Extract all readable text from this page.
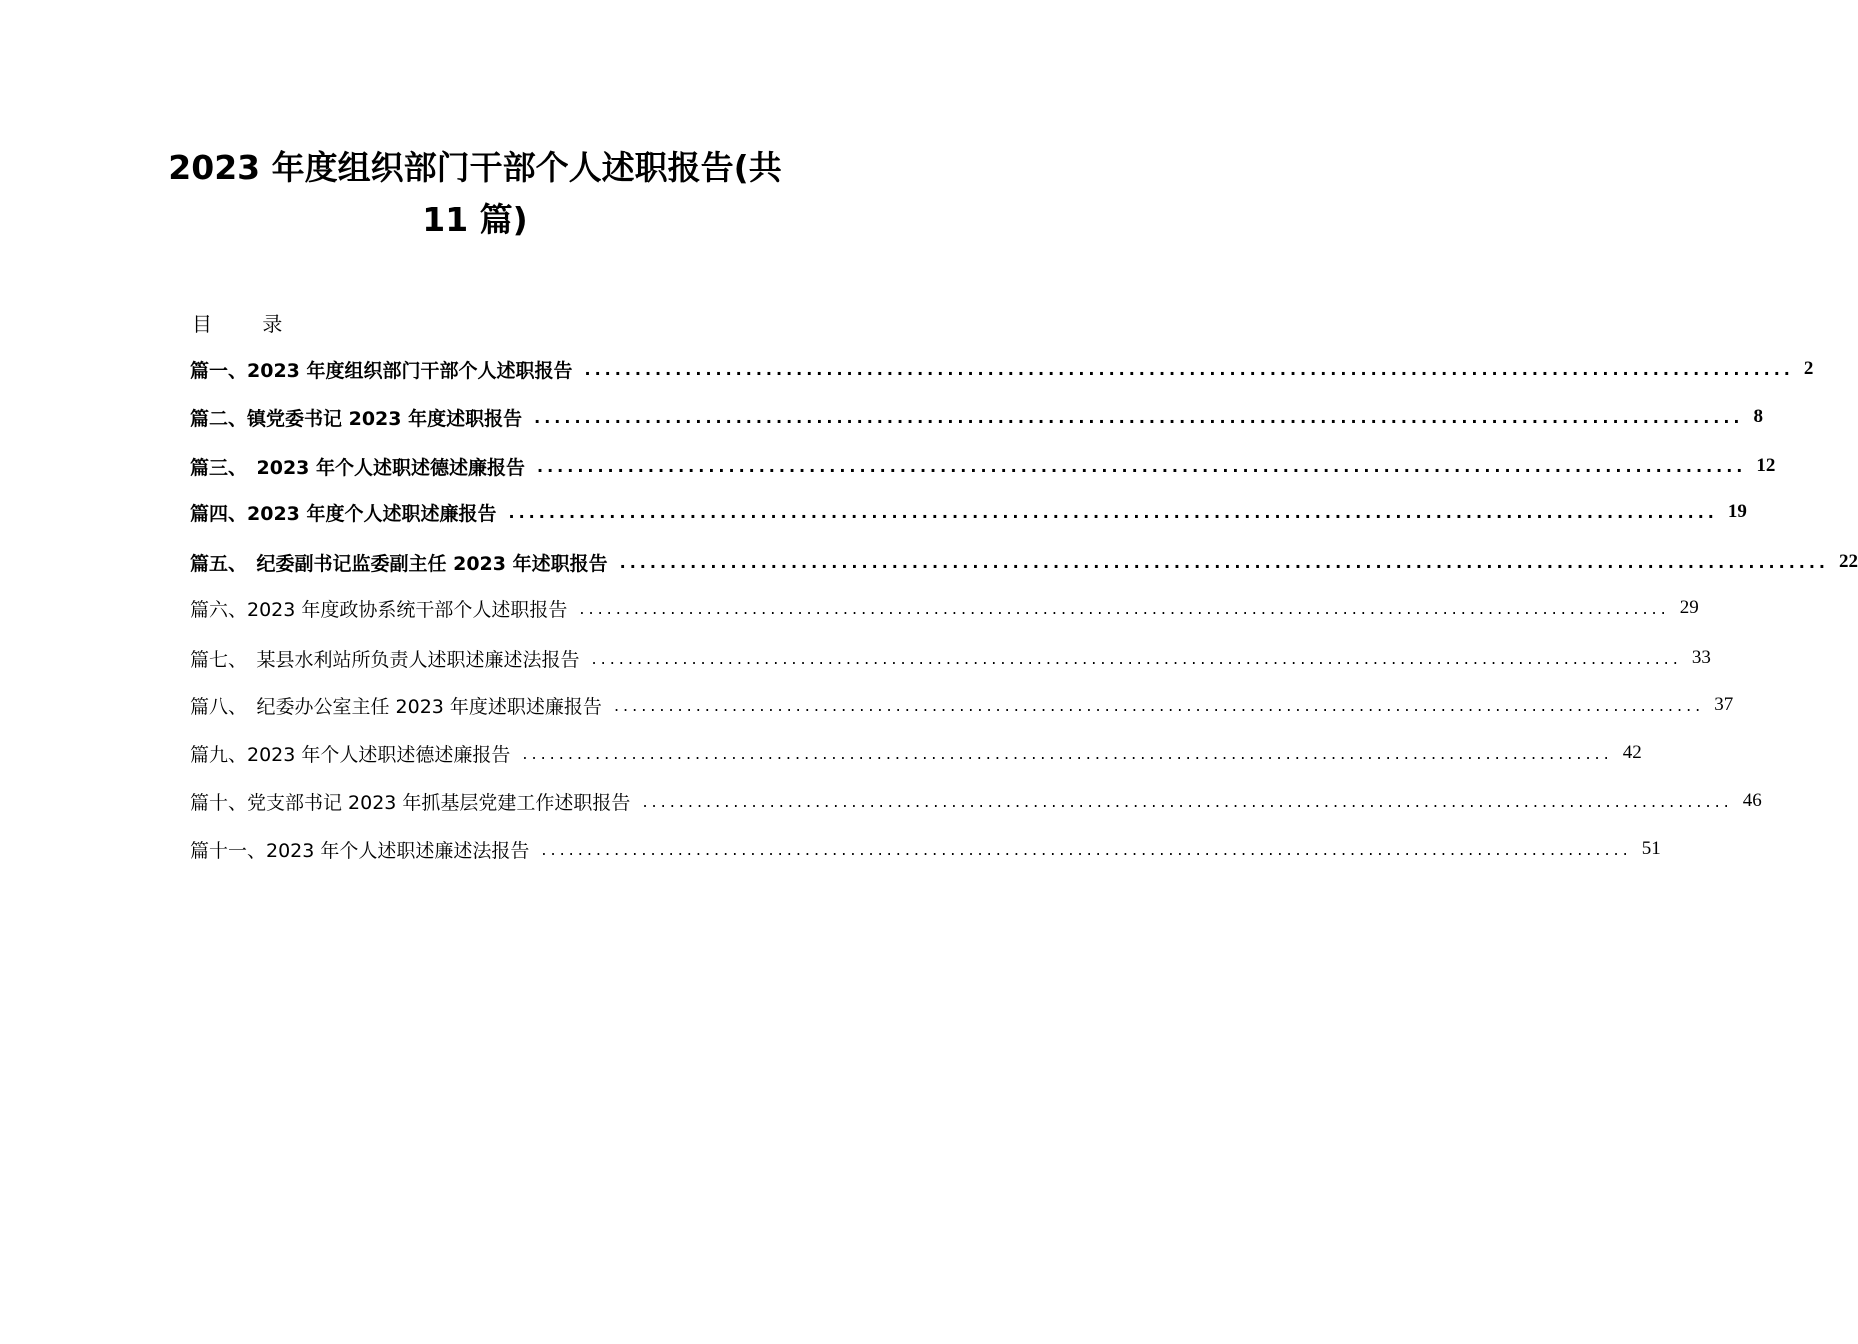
2023 年度组织部门干部个人述职报告(共
11 篇)
目 录
篇一、2023 年度组织部门干部个人述职报告 ........................................................................................................................ 2
篇二、镇党委书记 2023 年度述职报告 ........................................................................................................................ 8
篇三、　2023 年个人述职述德述廉报告 ........................................................................................................................ 12
篇四、2023 年度个人述职述廉报告 ........................................................................................................................ 19
篇五、　纪委副书记监委副主任 2023 年述职报告 ........................................................................................................................ 22
篇六、2023 年度政协系统干部个人述职报告 ........................................................................................................................ 29
篇七、　某县水利站所负责人述职述廉述法报告 ........................................................................................................................ 33
篇八、　纪委办公室主任 2023 年度述职述廉报告 ........................................................................................................................ 37
篇九、2023 年个人述职述德述廉报告 ........................................................................................................................ 42
篇十、党支部书记 2023 年抓基层党建工作述职报告 ........................................................................................................................ 46
篇十一、2023 年个人述职述廉述法报告 ........................................................................................................................ 51
